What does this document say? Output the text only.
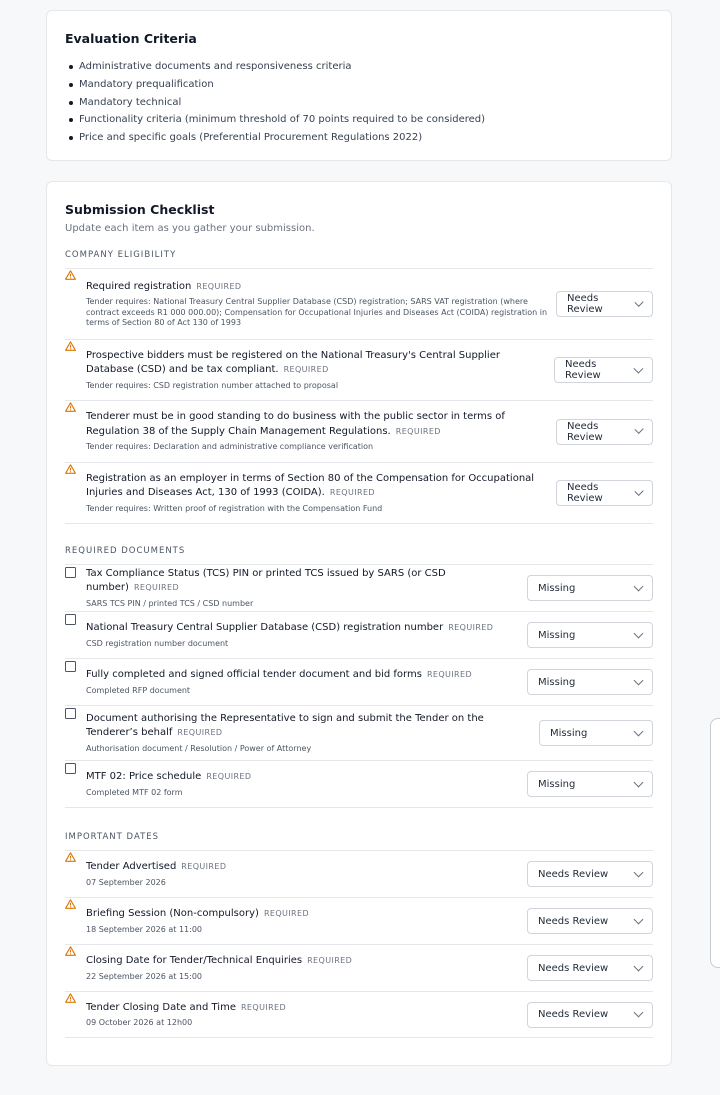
Evaluation Criteria
Administrative documents and responsiveness criteria
Mandatory prequalification
Mandatory technical
Functionality criteria (minimum threshold of 70 points required to be considered)
Price and specific goals (Preferential Procurement Regulations 2022)
Submission Checklist
Update each item as you gather your submission.
COMPANY ELIGIBILITY
Required registration REQUIRED
Tender requires: National Treasury Central Supplier Database (CSD) registration; SARS VAT registration (where contract exceeds R1 000 000.00); Compensation for Occupational Injuries and Diseases Act (COIDA) registration in terms of Section 80 of Act 130 of 1993
Needs Review
Prospective bidders must be registered on the National Treasury's Central Supplier Database (CSD) and be tax compliant. REQUIRED
Tender requires: CSD registration number attached to proposal
Needs Review
Tenderer must be in good standing to do business with the public sector in terms of Regulation 38 of the Supply Chain Management Regulations. REQUIRED
Tender requires: Declaration and administrative compliance verification
Needs Review
Registration as an employer in terms of Section 80 of the Compensation for Occupational Injuries and Diseases Act, 130 of 1993 (COIDA). REQUIRED
Tender requires: Written proof of registration with the Compensation Fund
Needs Review
REQUIRED DOCUMENTS
Tax Compliance Status (TCS) PIN or printed TCS issued by SARS (or CSD number) REQUIRED
SARS TCS PIN / printed TCS / CSD number
Missing
National Treasury Central Supplier Database (CSD) registration number REQUIRED
CSD registration number document
Missing
Fully completed and signed official tender document and bid forms REQUIRED
Completed RFP document
Missing
Document authorising the Representative to sign and submit the Tender on the Tenderer’s behalf REQUIRED
Authorisation document / Resolution / Power of Attorney
Missing
MTF 02: Price schedule REQUIRED
Completed MTF 02 form
Missing
IMPORTANT DATES
Tender Advertised REQUIRED
07 September 2026
Needs Review
Briefing Session (Non-compulsory) REQUIRED
18 September 2026 at 11:00
Needs Review
Closing Date for Tender/Technical Enquiries REQUIRED
22 September 2026 at 15:00
Needs Review
Tender Closing Date and Time REQUIRED
09 October 2026 at 12h00
Needs Review
